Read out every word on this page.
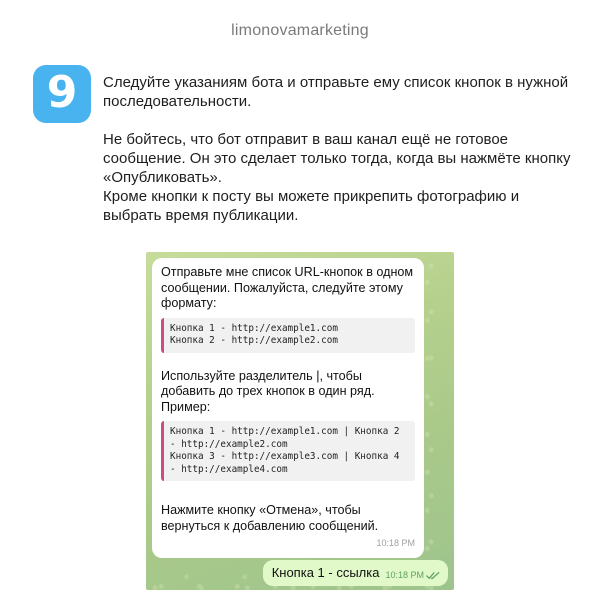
limonovamarketing
9 Следуйте указаниям бота и отправьте ему список кнопок в нужной последовательности.

Не бойтесь, что бот отправит в ваш канал ещё не готовое сообщение. Он это сделает только тогда, когда вы нажмёте кнопку «Опубликовать».

Кроме кнопки к посту вы можете прикрепить фотографию и выбрать время публикации.

Отправьте мне список URL-кнопок в одном сообщении. Пожалуйста, следуйте этому формату:

Кнопка 1 - http://example1.com
Кнопка 2 - http://example2.com

Используйте разделитель |, чтобы добавить до трех кнопок в один ряд. Пример:

Кнопка 1 - http://example1.com | Кнопка 2 - http://example2.com
Кнопка 3 - http://example3.com | Кнопка 4 - http://example4.com

Нажмите кнопку «Отмена», чтобы вернуться к добавлению сообщений.

10:18 PM
Кнопка 1 - ссылка 10:18 PM
